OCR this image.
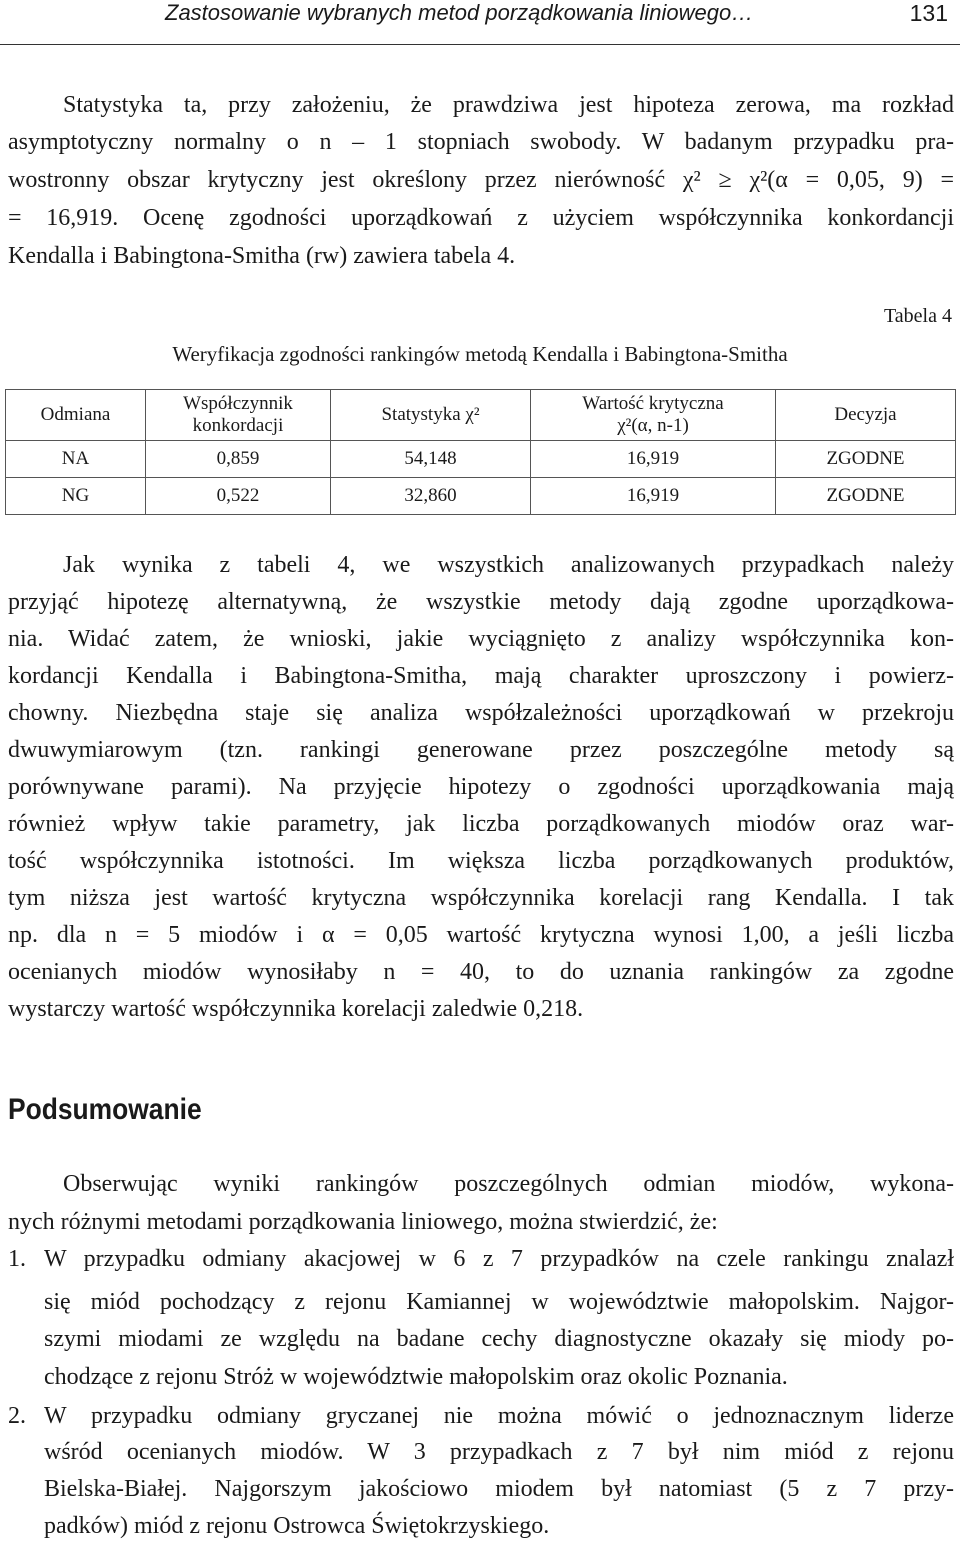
Zastosowanie wybranych metod porządkowania liniowego…	131
Statystyka ta, przy założeniu, że prawdziwa jest hipoteza zerowa, ma rozkład
asymptotyczny normalny o n – 1 stopniach swobody. W badanym przypadku pra-
wostronny obszar krytyczny jest określony przez nierówność χ² ≥ χ²(α = 0,05, 9) =
= 16,919. Ocenę zgodności uporządkowań z użyciem współczynnika konkordancji
Kendalla i Babingtona-Smitha (rw) zawiera tabela 4.
Tabela 4
Weryfikacja zgodności rankingów metodą Kendalla i Babingtona-Smitha
Odmiana	Współczynnik konkordacji	Statystyka χ²	Wartość krytyczna χ²(α, n-1)	Decyzja
NA	0,859	54,148	16,919	ZGODNE
NG	0,522	32,860	16,919	ZGODNE
Jak wynika z tabeli 4, we wszystkich analizowanych przypadkach należy
przyjąć hipotezę alternatywną, że wszystkie metody dają zgodne uporządkowa-
nia. Widać zatem, że wnioski, jakie wyciągnięto z analizy współczynnika kon-
kordancji Kendalla i Babingtona-Smitha, mają charakter uproszczony i powierz-
chowny. Niezbędna staje się analiza współzależności uporządkowań w przekroju
dwuwymiarowym (tzn. rankingi generowane przez poszczególne metody są
porównywane parami). Na przyjęcie hipotezy o zgodności uporządkowania mają
również wpływ takie parametry, jak liczba porządkowanych miodów oraz war-
tość współczynnika istotności. Im większa liczba porządkowanych produktów,
tym niższa jest wartość krytyczna współczynnika korelacji rang Kendalla. I tak
np. dla n = 5 miodów i α = 0,05 wartość krytyczna wynosi 1,00, a jeśli liczba
ocenianych miodów wynosiłaby n = 40, to do uznania rankingów za zgodne
wystarczy wartość współczynnika korelacji zaledwie 0,218.
Podsumowanie
Obserwując wyniki rankingów poszczególnych odmian miodów, wykona-
nych różnymi metodami porządkowania liniowego, można stwierdzić, że:
1. W przypadku odmiany akacjowej w 6 z 7 przypadków na czele rankingu znalazł
się miód pochodzący z rejonu Kamiannej w województwie małopolskim. Najgor-
szymi miodami ze względu na badane cechy diagnostyczne okazały się miody po-
chodzące z rejonu Stróż w województwie małopolskim oraz okolic Poznania.
2. W przypadku odmiany gryczanej nie można mówić o jednoznacznym liderze
wśród ocenianych miodów. W 3 przypadkach z 7 był nim miód z rejonu
Bielska-Białej. Najgorszym jakościowo miodem był natomiast (5 z 7 przy-
padków) miód z rejonu Ostrowca Świętokrzyskiego.
